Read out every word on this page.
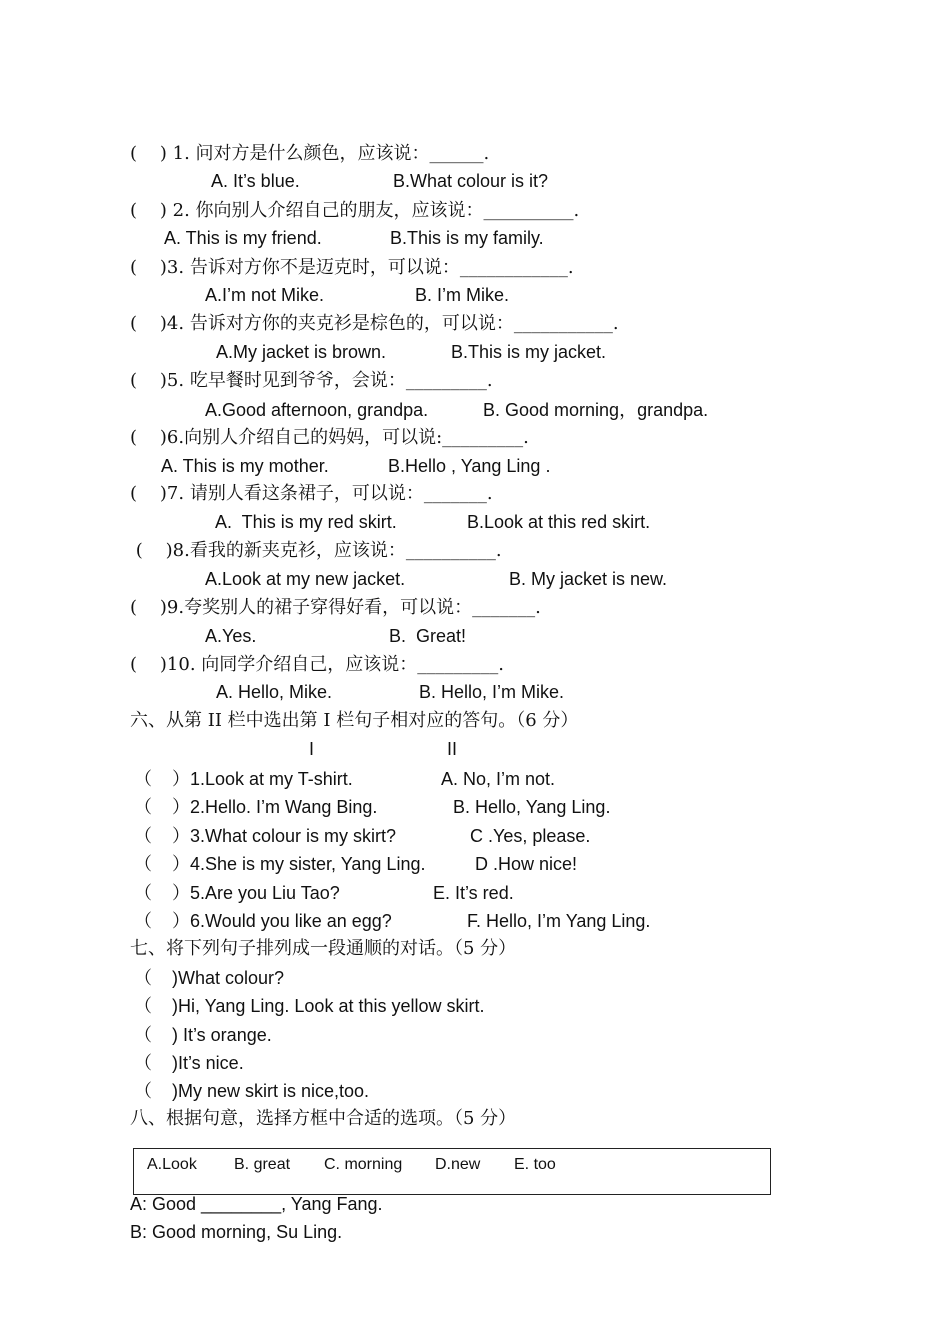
(    ) 1. 问对方是什么颜色，应该说：______.
A. It’s blue.	B.What colour is it?
(    ) 2. 你向别人介绍自己的朋友，应该说：__________.
A. This is my friend.	B.This is my family.
(    )3. 告诉对方你不是迈克时，可以说：____________.
A.I’m not Mike.	B. I’m Mike.
(    )4. 告诉对方你的夹克衫是棕色的，可以说：___________.
A.My jacket is brown.	B.This is my jacket.
(    )5. 吃早餐时见到爷爷，会说：_________.
A.Good afternoon, grandpa.	B. Good morning，grandpa.
(    )6.向别人介绍自己的妈妈，可以说:_________.
A. This is my mother.	B.Hello , Yang Ling .
(    )7. 请别人看这条裙子，可以说：_______.
A.  This is my red skirt.	B.Look at this red skirt.
(    )8.看我的新夹克衫，应该说：__________.
A.Look at my new jacket.	B. My jacket is new.
(    )9.夸奖别人的裙子穿得好看，可以说：_______.
A.Yes.	B.  Great!
(    )10. 向同学介绍自己，应该说：_________.
A. Hello, Mike.	B. Hello, I’m Mike.
六、从第 II 栏中选出第 I 栏句子相对应的答句。（6 分）
I	II
（    ）1.Look at my T-shirt.	A. No, I’m not.
（    ）2.Hello. I’m Wang Bing.	B. Hello, Yang Ling.
（    ）3.What colour is my skirt?	C .Yes, please.
（    ）4.She is my sister, Yang Ling.	D .How nice!
（    ）5.Are you Liu Tao?	E. It’s red.
（    ）6.Would you like an egg?	F. Hello, I’m Yang Ling.
七、将下列句子排列成一段通顺的对话。（5 分）
（    )What colour?
（    )Hi, Yang Ling. Look at this yellow skirt.
（    ) It’s orange.
（    )It’s nice.
（    )My new skirt is nice,too.
八、根据句意，选择方框中合适的选项。（5 分）
A.Look B. great C. morning D.new E. too
A: Good ________, Yang Fang.
B: Good morning, Su Ling.
